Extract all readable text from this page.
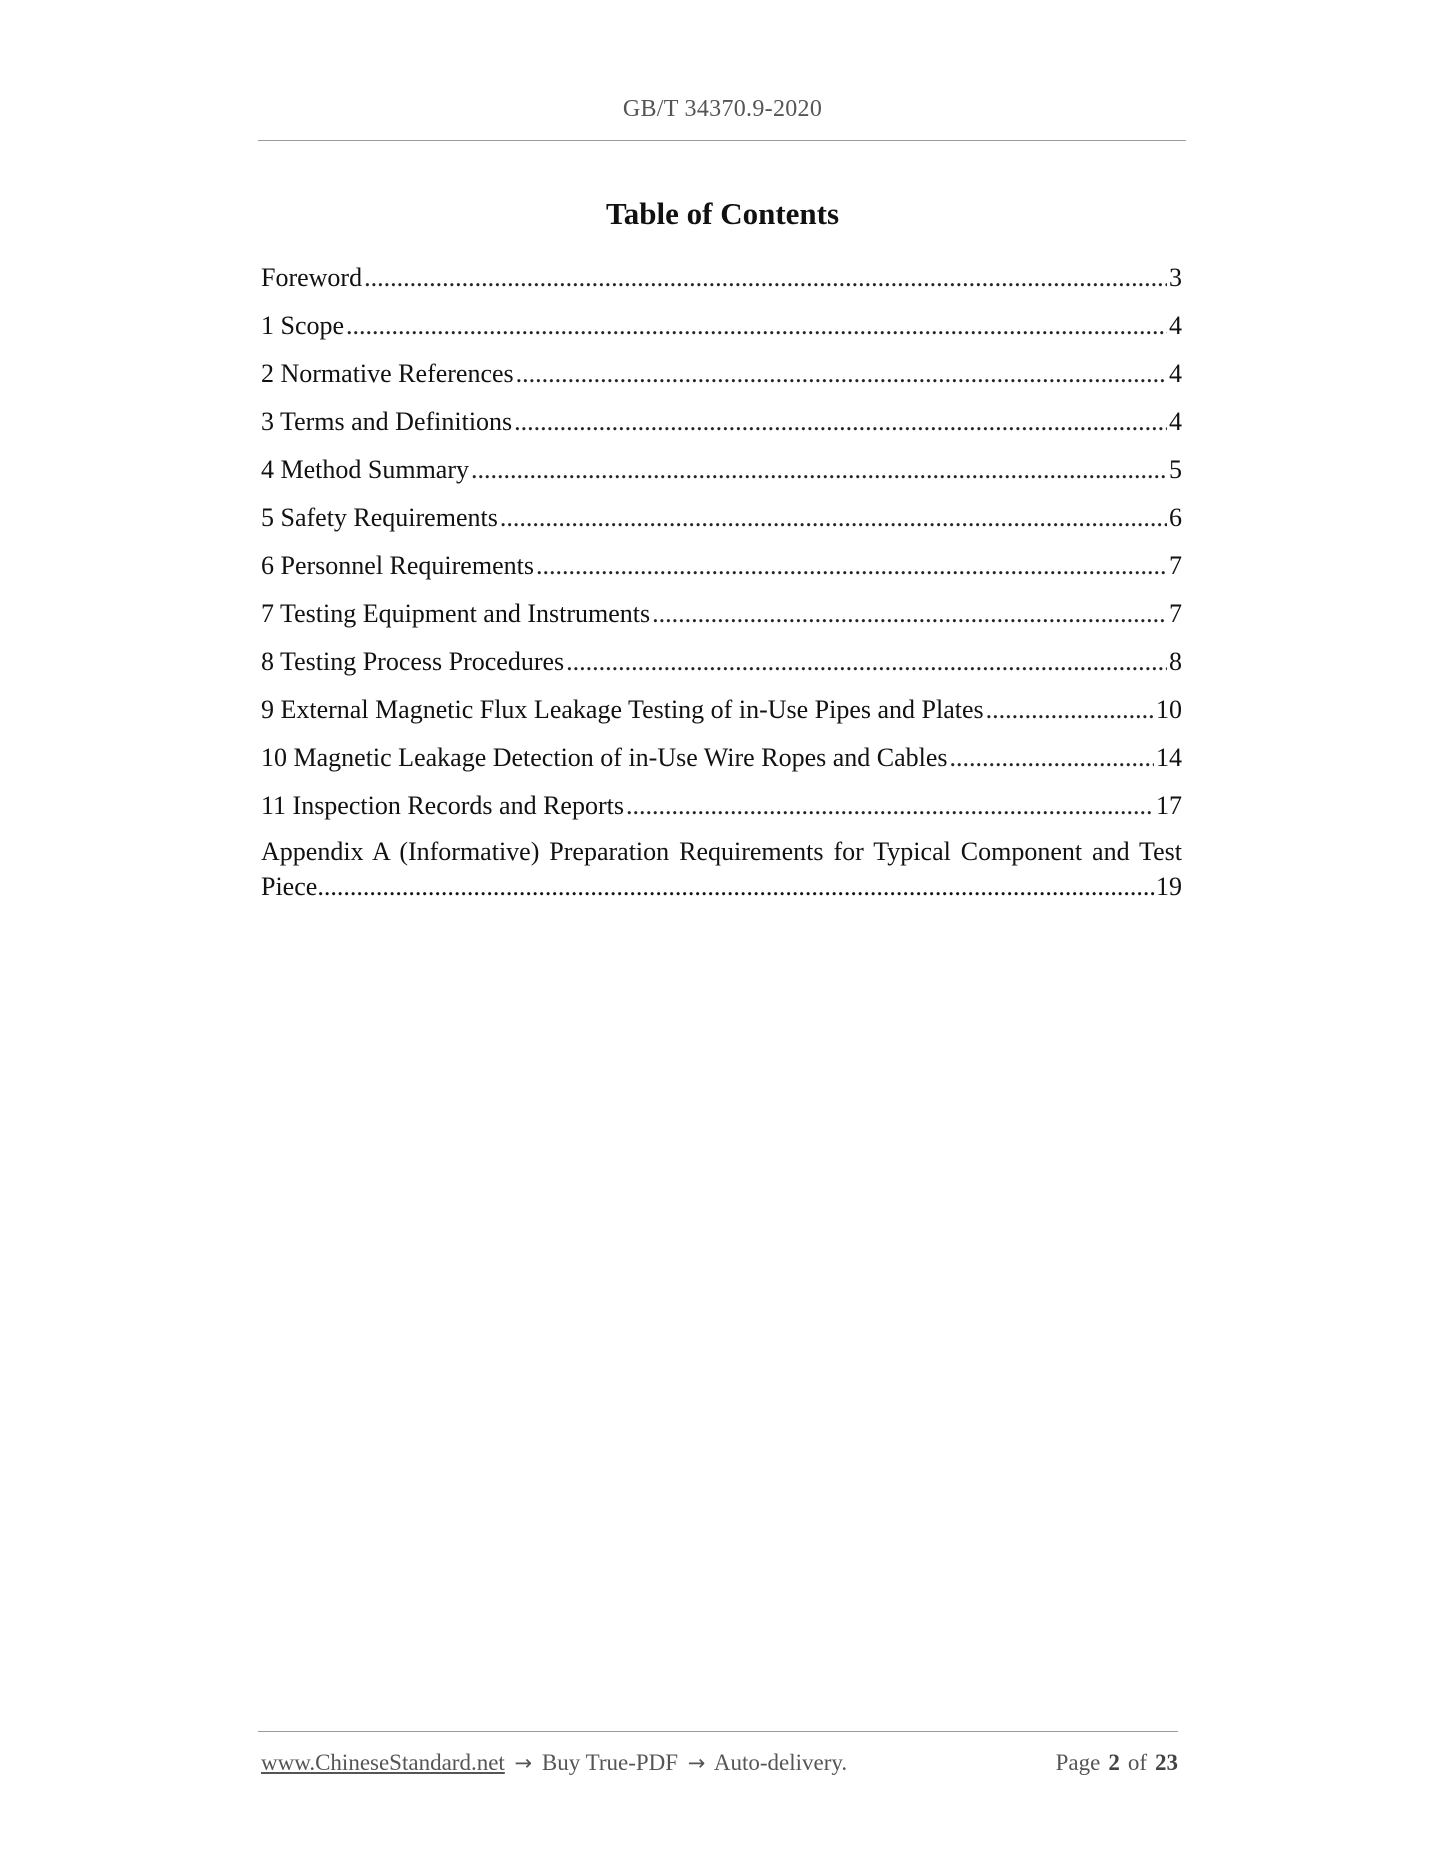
GB/T 34370.9-2020
Table of Contents
Foreword .....	3
1 Scope .....	4
2 Normative References .....	4
3 Terms and Definitions .....	4
4 Method Summary .....	5
5 Safety Requirements .....	6
6 Personnel Requirements .....	7
7 Testing Equipment and Instruments .....	7
8 Testing Process Procedures .....	8
9 External Magnetic Flux Leakage Testing of in-Use Pipes and Plates .....	10
10 Magnetic Leakage Detection of in-Use Wire Ropes and Cables .....	14
11 Inspection Records and Reports .....	17
Appendix A (Informative) Preparation Requirements for Typical Component and Test
Piece .....	19
www.ChineseStandard.net → Buy True-PDF → Auto-delivery.	Page 2 of 23
